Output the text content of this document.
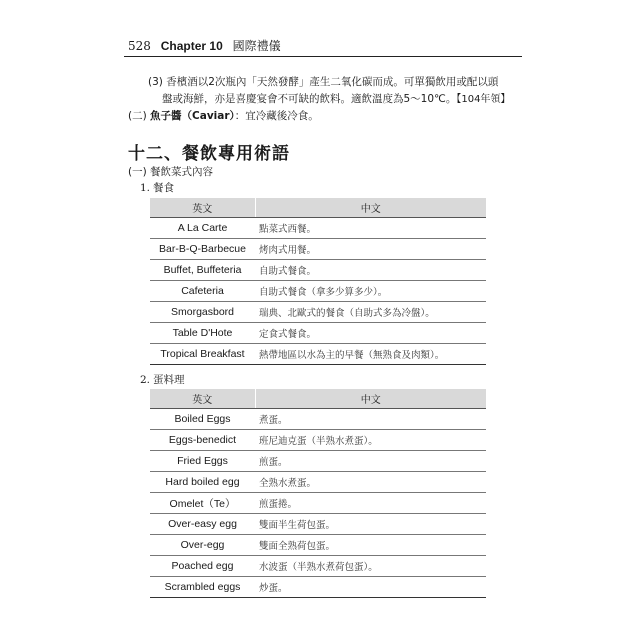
528 Chapter 10 國際禮儀
(3) 香檳酒以2次瓶內「天然發酵」產生二氧化碳而成。可單獨飲用或配以頭
盤或海鮮，亦是喜慶宴會不可缺的飲料。適飲溫度為5～10℃。【104年領】
(二) 魚子醬（Caviar）：宜冷藏後冷食。
十二、餐飲專用術語
(一) 餐飲菜式內容
1. 餐食
英文	中文
A La Carte	點菜式西餐。
Bar-B-Q-Barbecue	烤肉式用餐。
Buffet, Buffeteria	自助式餐食。
Cafeteria	自助式餐食（拿多少算多少）。
Smorgasbord	瑞典、北歐式的餐食（自助式多為冷盤）。
Table D'Hote	定食式餐食。
Tropical Breakfast	熱帶地區以水為主的早餐（無熟食及肉類）。
2. 蛋料理
英文	中文
Boiled Eggs	煮蛋。
Eggs-benedict	班尼迪克蛋（半熟水煮蛋）。
Fried Eggs	煎蛋。
Hard boiled egg	全熟水煮蛋。
Omelet（Te）	煎蛋捲。
Over-easy egg	雙面半生荷包蛋。
Over-egg	雙面全熟荷包蛋。
Poached egg	水波蛋（半熟水煮荷包蛋）。
Scrambled eggs	炒蛋。
